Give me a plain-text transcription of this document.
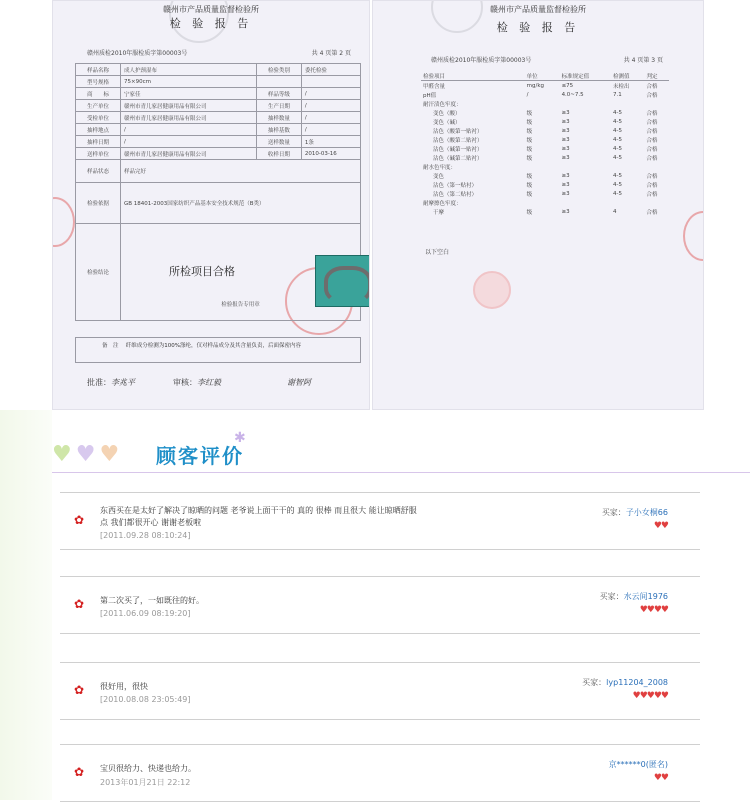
赣州市产品质量监督检验所
检 验 报 告
赣州质检2010年服检质字第00003号	共 4 页第 2 页
样品名称	成人护颈湿布	检验类别	委托检验
型号规格	75×90cm		
商　　标	宁家佳	样品等级	/
生产单位	赣州市青儿家居健康用品有限公司	生产日期	/
受检单位	赣州市青儿家居健康用品有限公司	抽样数量	/
抽样地点	/	抽样基数	/
抽样日期	/	送样数量	1条
送样单位	赣州市青儿家居健康用品有限公司	收样日期	2010-03-16
样品状态	样品完好		
检验依据	GB 18401-2003国家纺织产品基本安全技术规范（B类）		
检验结论	检验报告专用章		
所检项目合格
备　注　 纤维成分检测为100%涤纶，仅对样品成分及其含量负责，后面保密内容
批准：李兆平	审核：李红毅	谢智阿
赣州市产品质量监督检验所
检 验 报 告
赣州质检2010年服检质字第00003号	共 4 页第 3 页
检验项目	单位	标准规定值	检测值	判定
甲醛含量	mg/kg	≤75	未检出	合格
pH值	/	4.0~7.5	7.1	合格
耐汗渍色牢度：				
变色（酸）	级	≥3	4-5	合格
变色（碱）	级	≥3	4-5	合格
沾色（酸第一贴衬）	级	≥3	4-5	合格
沾色（酸第二贴衬）	级	≥3	4-5	合格
沾色（碱第一贴衬）	级	≥3	4-5	合格
沾色（碱第二贴衬）	级	≥3	4-5	合格
耐水色牢度：				
变色	级	≥3	4-5	合格
沾色（第一贴衬）	级	≥3	4-5	合格
沾色（第二贴衬）	级	≥3	4-5	合格
耐摩擦色牢度：				
干摩	级	≥3	4	合格
以下空白
♥ ♥ ♥ 顾客评价
✱
✿
东西买在是太好了解决了晾晒的问题 老爷说上面干干的 真的 很棒 而且很大 能让晾晒舒服点 我们都很开心 谢谢老板啦
[2011.09.28 08:10:24]
买家：子小女桐66
♥♥
✿ 第二次买了，一如既往的好。
[2011.06.09 08:19:20]
买家：水云间1976
♥♥♥♥
✿ 很好用，很快
[2010.08.08 23:05:49]
买家：lyp11204_2008
♥♥♥♥♥
✿ 宝贝很给力、快递也给力。
2013年01月21日 22:12
京******0(匿名)
♥♥
